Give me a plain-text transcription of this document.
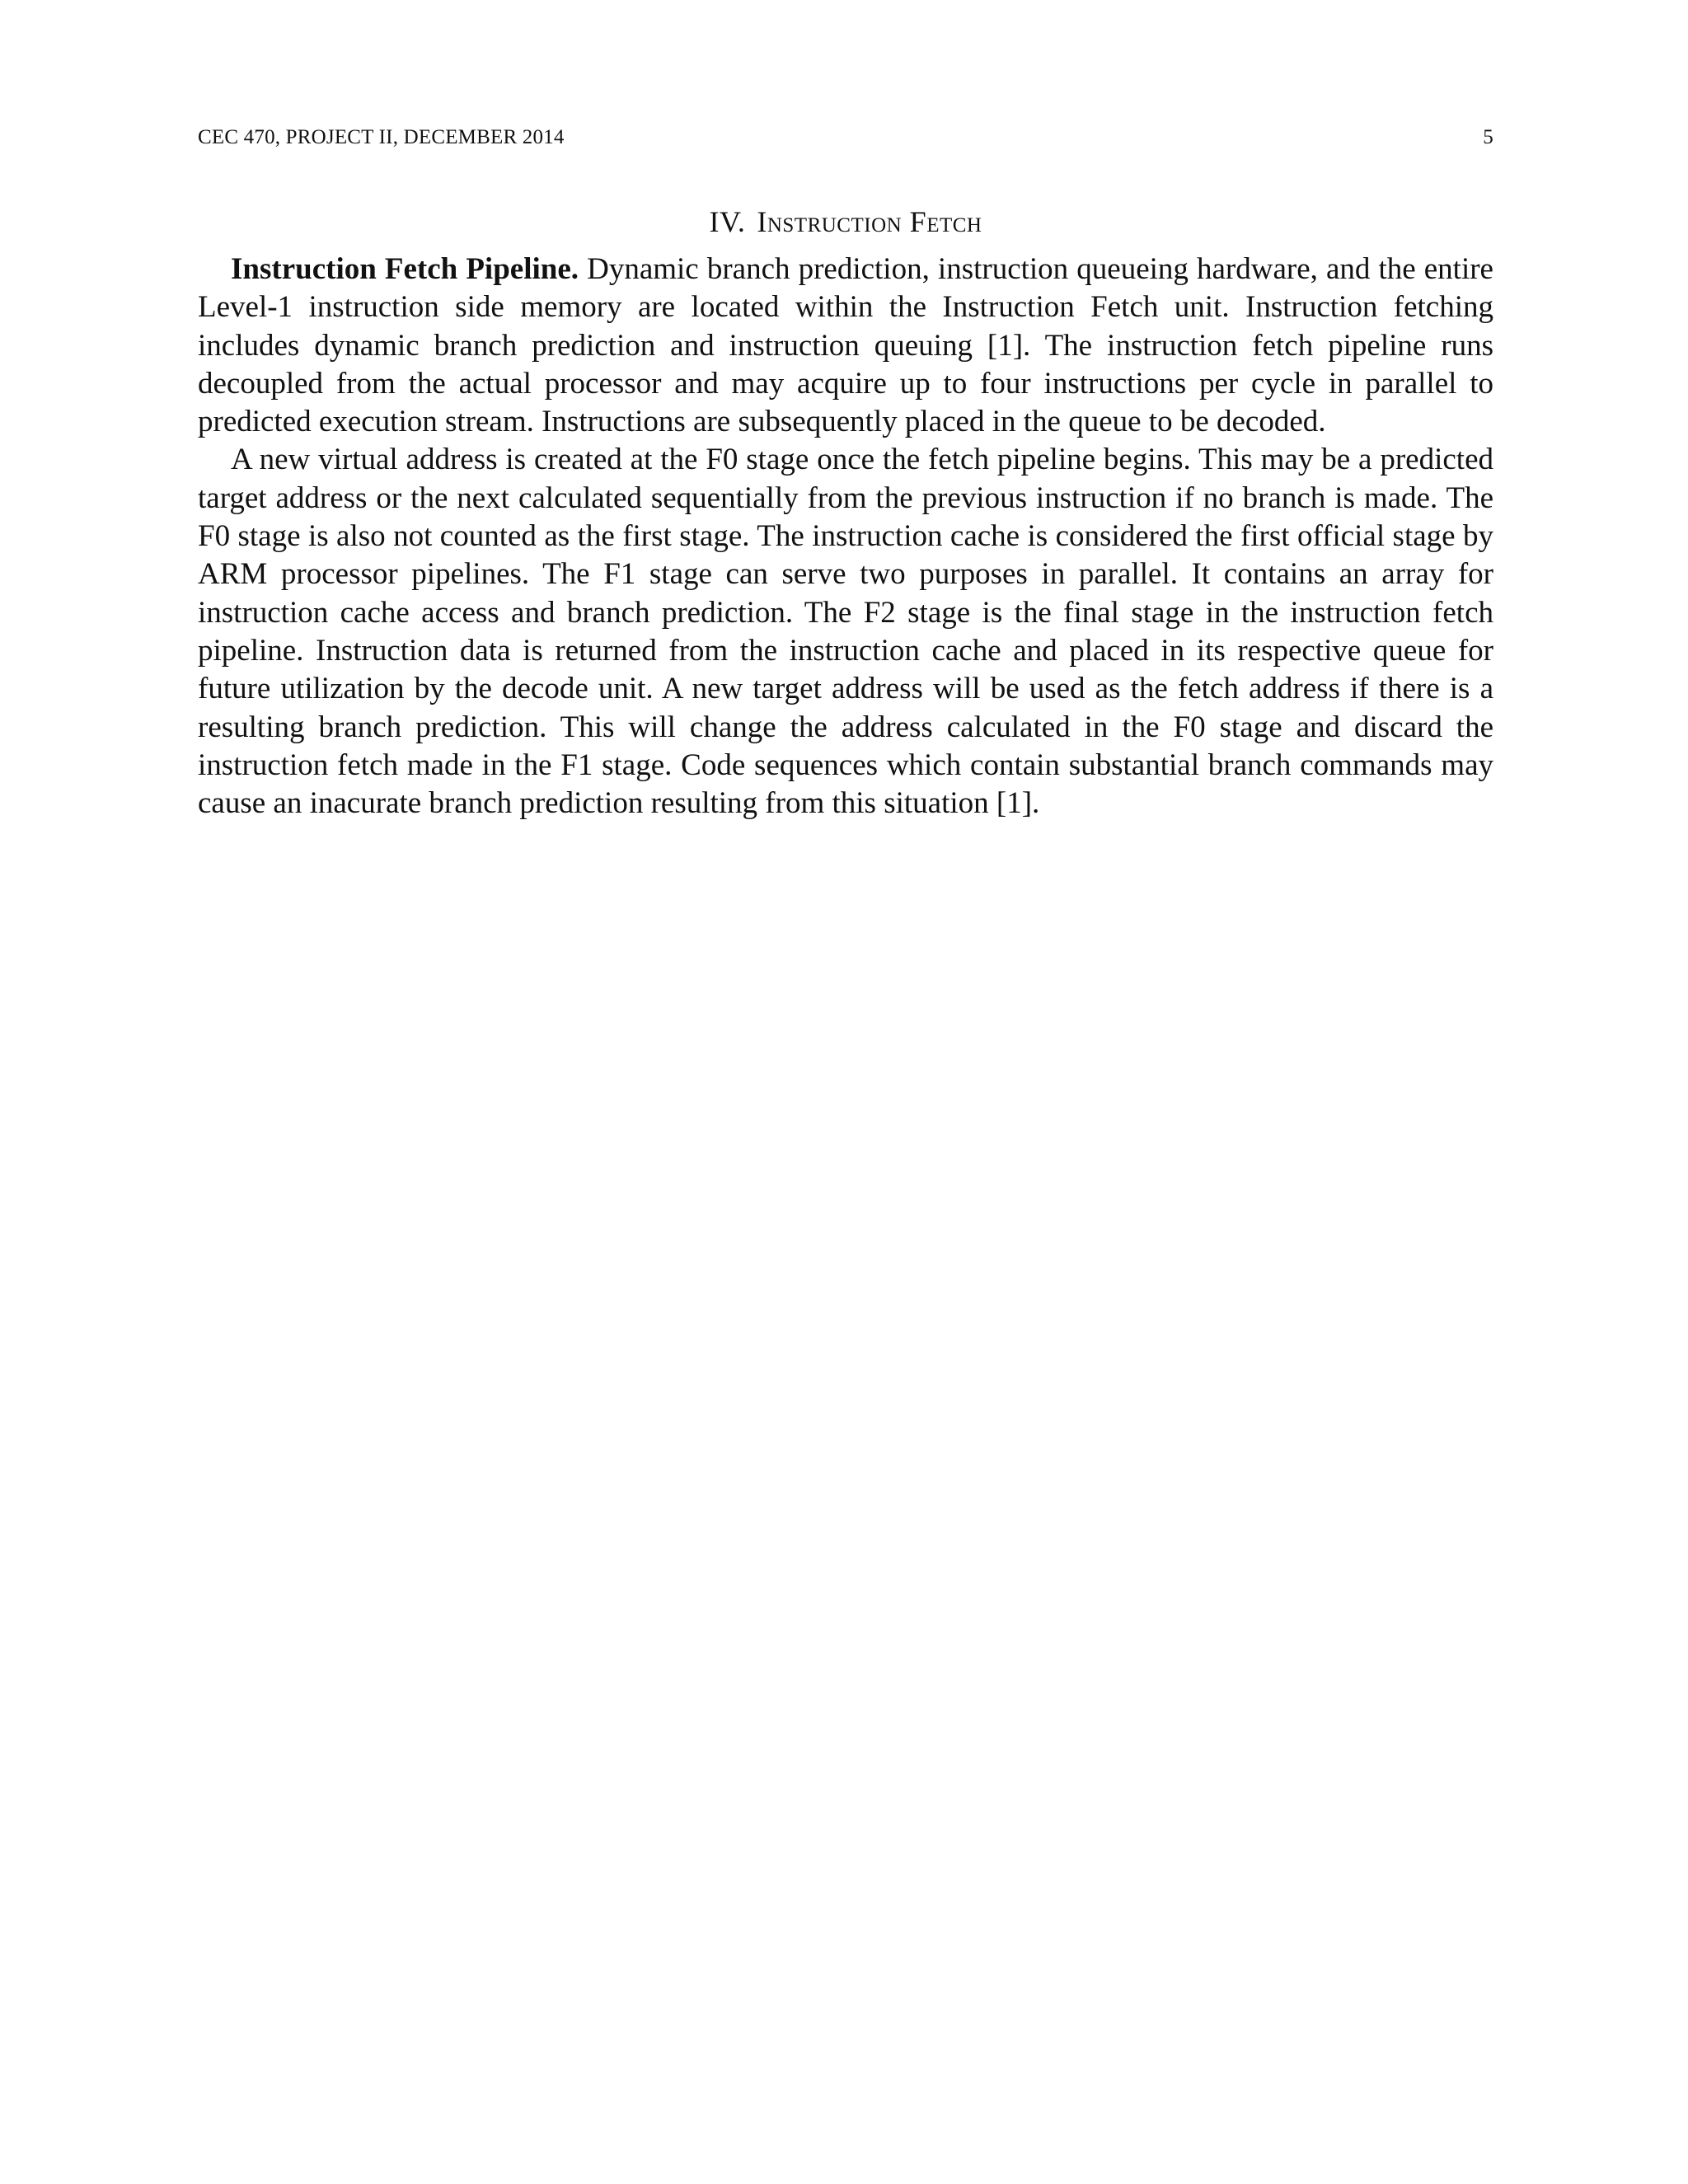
CEC 470, PROJECT II, DECEMBER 2014	5
IV. Instruction Fetch

Instruction Fetch Pipeline. Dynamic branch prediction, instruction queueing hardware, and the entire Level-1 instruction side memory are located within the Instruction Fetch unit. Instruction fetching includes dynamic branch prediction and instruction queuing [1]. The instruction fetch pipeline runs decoupled from the actual processor and may acquire up to four instructions per cycle in parallel to predicted execution stream. Instructions are subsequently placed in the queue to be decoded.

A new virtual address is created at the F0 stage once the fetch pipeline begins. This may be a predicted target address or the next calculated sequentially from the previous instruction if no branch is made. The F0 stage is also not counted as the first stage. The instruction cache is considered the first official stage by ARM processor pipelines. The F1 stage can serve two purposes in parallel. It contains an array for instruction cache access and branch prediction. The F2 stage is the final stage in the instruction fetch pipeline. Instruction data is returned from the instruction cache and placed in its respective queue for future utilization by the decode unit. A new target address will be used as the fetch address if there is a resulting branch prediction. This will change the address calculated in the F0 stage and discard the instruction fetch made in the F1 stage. Code sequences which contain substantial branch commands may cause an inacurate branch prediction resulting from this situation [1].
